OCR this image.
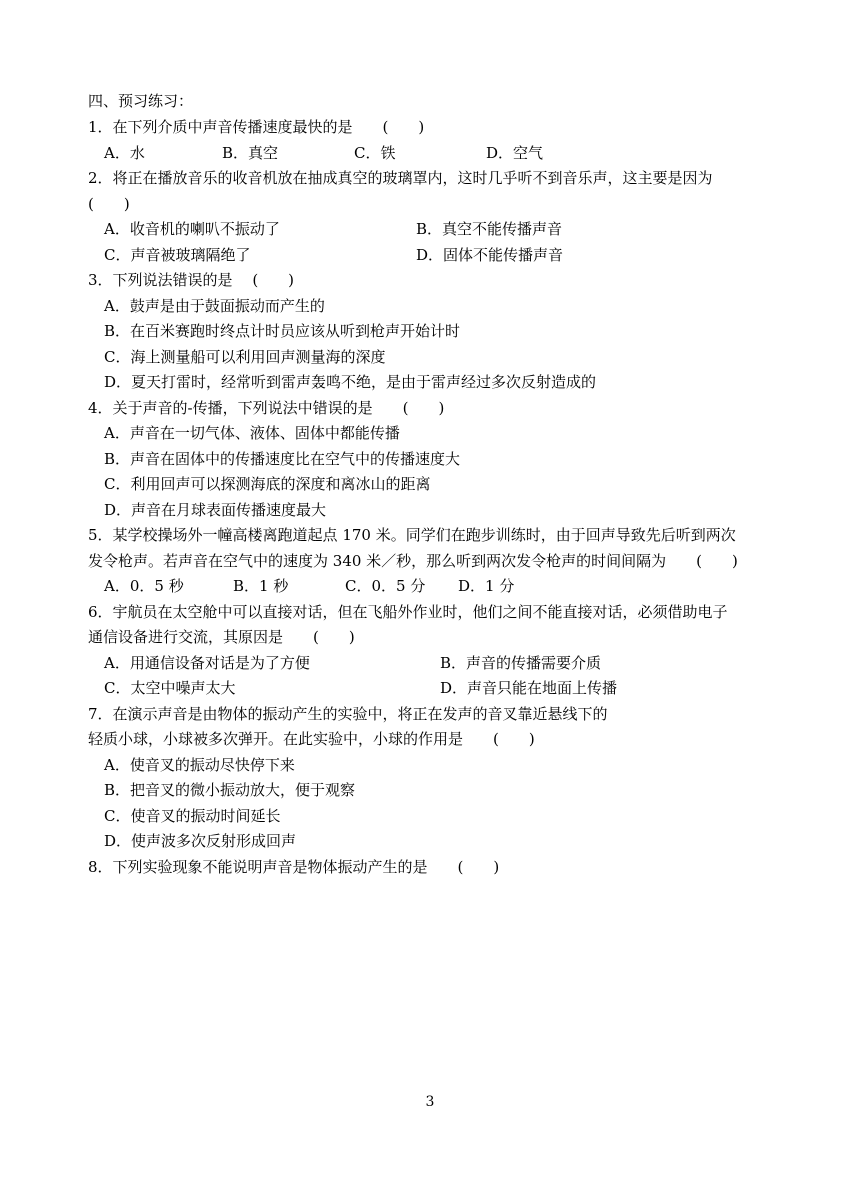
四、预习练习：
1．在下列介质中声音传播速度最快的是　　(　　)
A．水	B．真空	C．铁	D．空气
2．将正在播放音乐的收音机放在抽成真空的玻璃罩内，这时几乎听不到音乐声，这主要是因为
(　　)
A．收音机的喇叭不振动了	B．真空不能传播声音
C．声音被玻璃隔绝了	D．固体不能传播声音
3．下列说法错误的是　 (　　)
A．鼓声是由于鼓面振动而产生的
B．在百米赛跑时终点计时员应该从听到枪声开始计时
C．海上测量船可以利用回声测量海的深度
D．夏天打雷时，经常听到雷声轰鸣不绝，是由于雷声经过多次反射造成的
4．关于声音的-传播，下列说法中错误的是　　(　　)
A．声音在一切气体、液体、固体中都能传播
B．声音在固体中的传播速度比在空气中的传播速度大
C．利用回声可以探测海底的深度和离冰山的距离
D．声音在月球表面传播速度最大
5．某学校操场外一幢高楼离跑道起点 170 米。同学们在跑步训练时，由于回声导致先后听到两次
发令枪声。若声音在空气中的速度为 340 米／秒，那么听到两次发令枪声的时间间隔为　　(　　)
A．0．5 秒	B．1 秒	C．0．5 分 D．1 分
6．宇航员在太空舱中可以直接对话，但在飞船外作业时，他们之间不能直接对话，必须借助电子
通信设备进行交流，其原因是　　(　　)
A．用通信设备对话是为了方便	B．声音的传播需要介质
C．太空中噪声太大	D．声音只能在地面上传播
7．在演示声音是由物体的振动产生的实验中，将正在发声的音叉靠近悬线下的
轻质小球，小球被多次弹开。在此实验中，小球的作用是　　(　　)
A．使音叉的振动尽快停下来
B．把音叉的微小振动放大，便于观察
C．使音叉的振动时间延长
D．使声波多次反射形成回声
8．下列实验现象不能说明声音是物体振动产生的是　　(　　)
3
